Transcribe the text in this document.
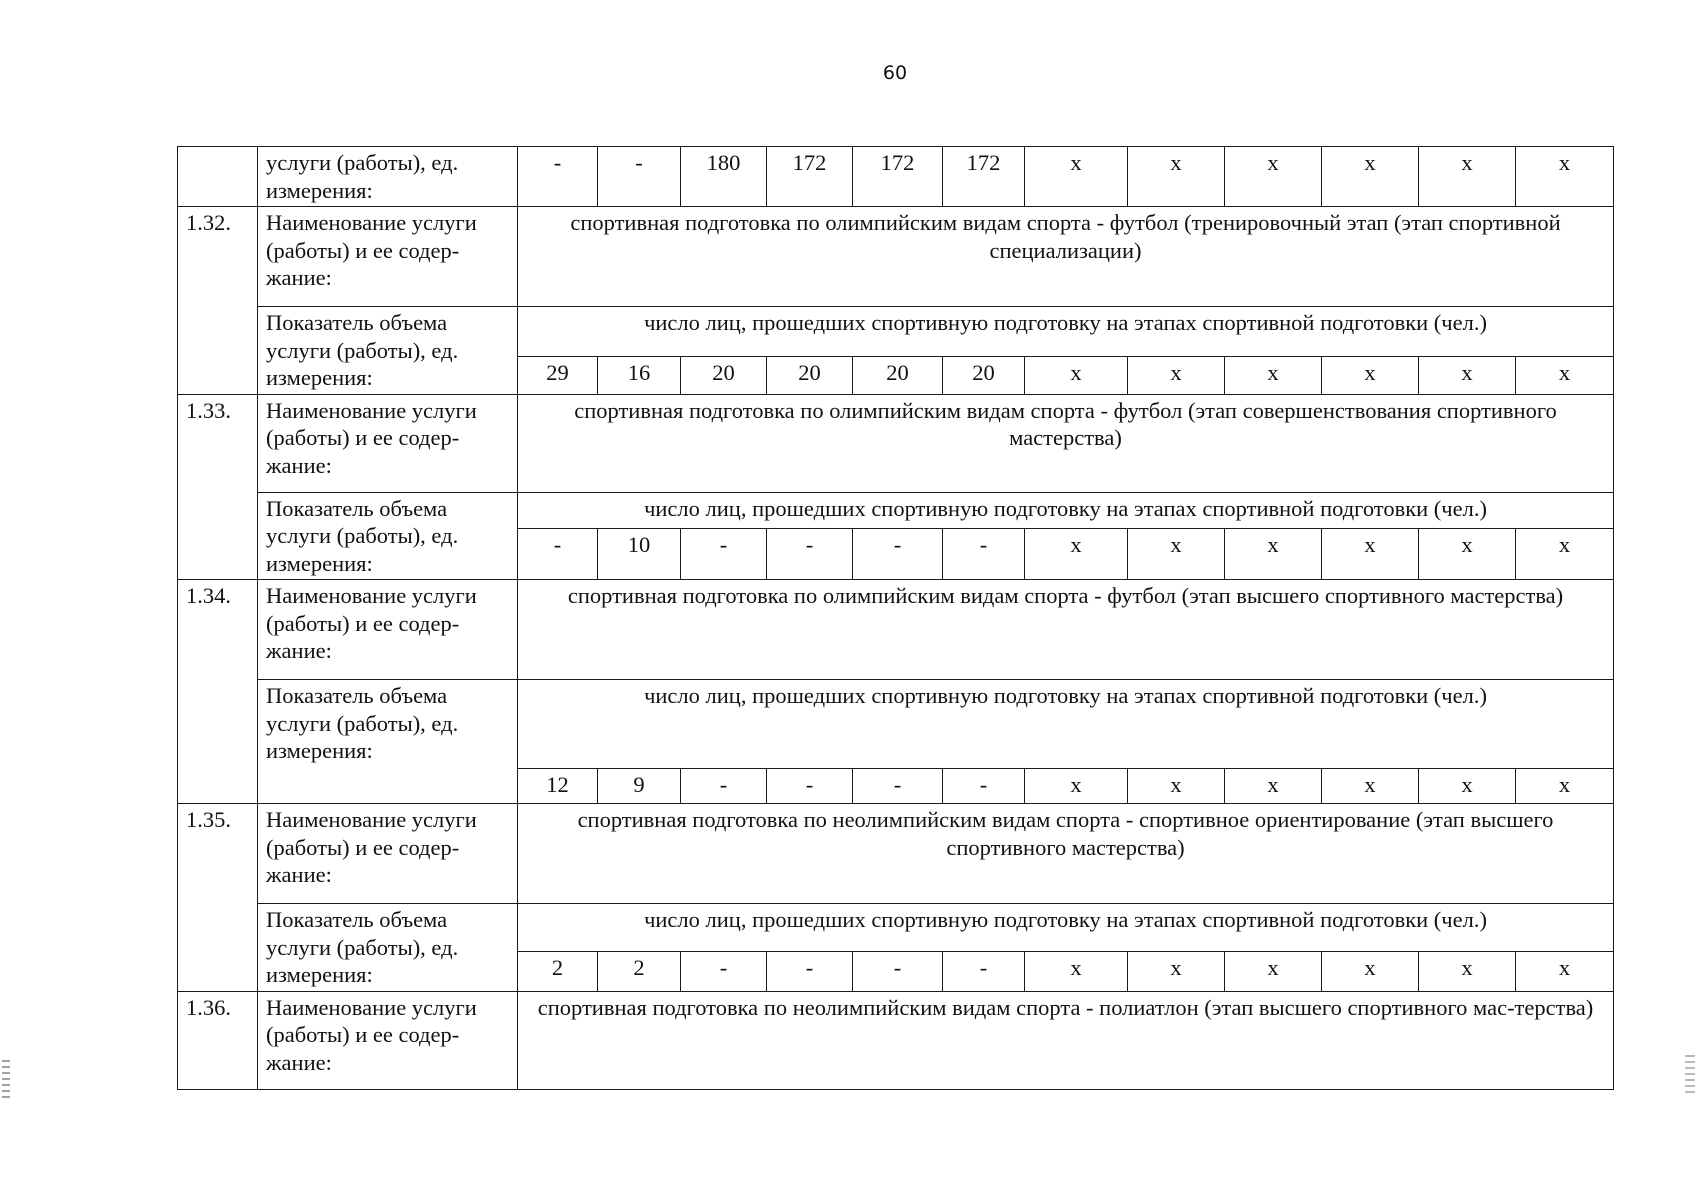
60
	услуги (работы), ед. измерения:	-	-	180	172	172	172	х	х	х	х	х	х
1.32.	Наименование услуги (работы) и ее содер-жание:	спортивная подготовка по олимпийским видам спорта - футбол (тренировочный этап (этап спортивной специализации)											
	Показатель объема услуги (работы), ед. измерения:	число лиц, прошедших спортивную подготовку на этапах спортивной подготовки (чел.)											
		29	16	20	20	20	20	х	х	х	х	х	х
1.33.	Наименование услуги (работы) и ее содер-жание:	спортивная подготовка по олимпийским видам спорта - футбол (этап совершенствования спортивного мастерства)											
	Показатель объема услуги (работы), ед. измерения:	число лиц, прошедших спортивную подготовку на этапах спортивной подготовки (чел.)											
		-	10	-	-	-	-	х	х	х	х	х	х
1.34.	Наименование услуги (работы) и ее содер-жание:	спортивная подготовка по олимпийским видам спорта - футбол (этап высшего спортивного мастерства)											
	Показатель объема услуги (работы), ед. измерения:	число лиц, прошедших спортивную подготовку на этапах спортивной подготовки (чел.)											
		12	9	-	-	-	-	х	х	х	х	х	х
1.35.	Наименование услуги (работы) и ее содер-жание:	спортивная подготовка по неолимпийским видам спорта - спортивное ориентирование (этап высшего спортивного мастерства)											
	Показатель объема услуги (работы), ед. измерения:	число лиц, прошедших спортивную подготовку на этапах спортивной подготовки (чел.)											
		2	2	-	-	-	-	х	х	х	х	х	х
1.36.	Наименование услуги (работы) и ее содер-жание:	спортивная подготовка по неолимпийским видам спорта - полиатлон (этап высшего спортивного мас-терства)											
